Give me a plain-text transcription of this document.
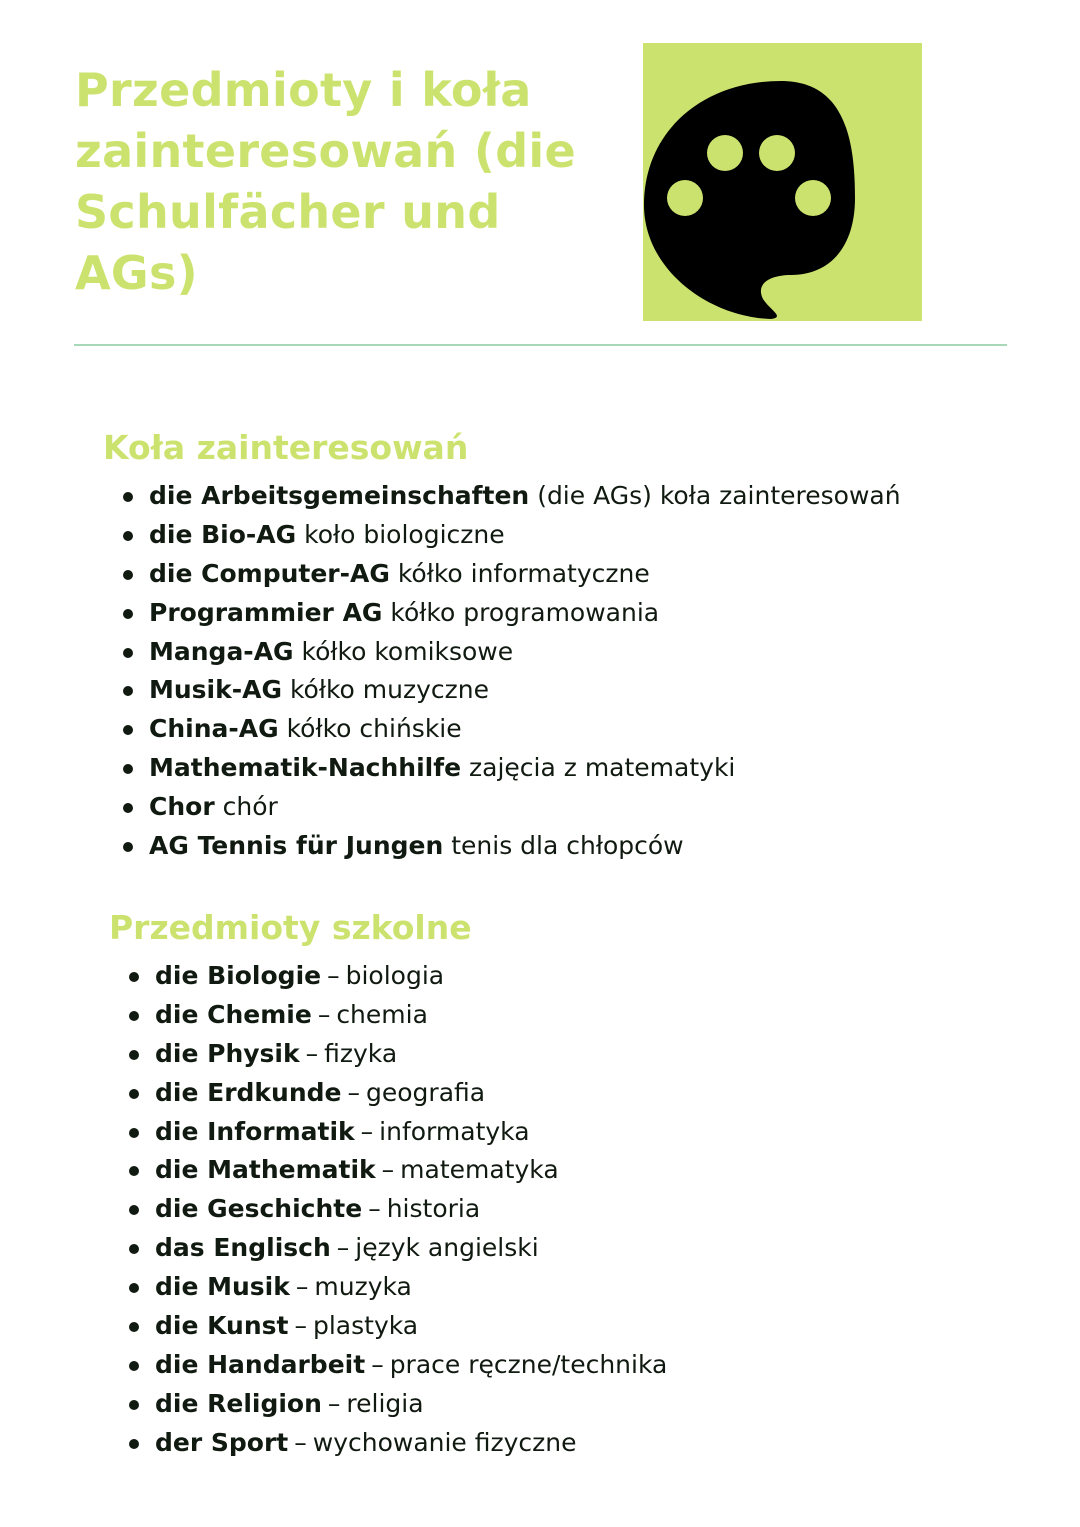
Przedmioty i koła
zainteresowań (die
Schulfächer und
AGs)
Koła zainteresowań
die Arbeitsgemeinschaften (die AGs) koła zainteresowań
die Bio-AG koło biologiczne
die Computer-AG kółko informatyczne
Programmier AG kółko programowania
Manga-AG kółko komiksowe
Musik-AG kółko muzyczne
China-AG kółko chińskie
Mathematik-Nachhilfe zajęcia z matematyki
Chor chór
AG Tennis für Jungen tenis dla chłopców
Przedmioty szkolne
die Biologie – biologia
die Chemie – chemia
die Physik – fizyka
die Erdkunde – geografia
die Informatik – informatyka
die Mathematik – matematyka
die Geschichte – historia
das Englisch – język angielski
die Musik – muzyka
die Kunst – plastyka
die Handarbeit – prace ręczne/technika
die Religion – religia
der Sport – wychowanie fizyczne
